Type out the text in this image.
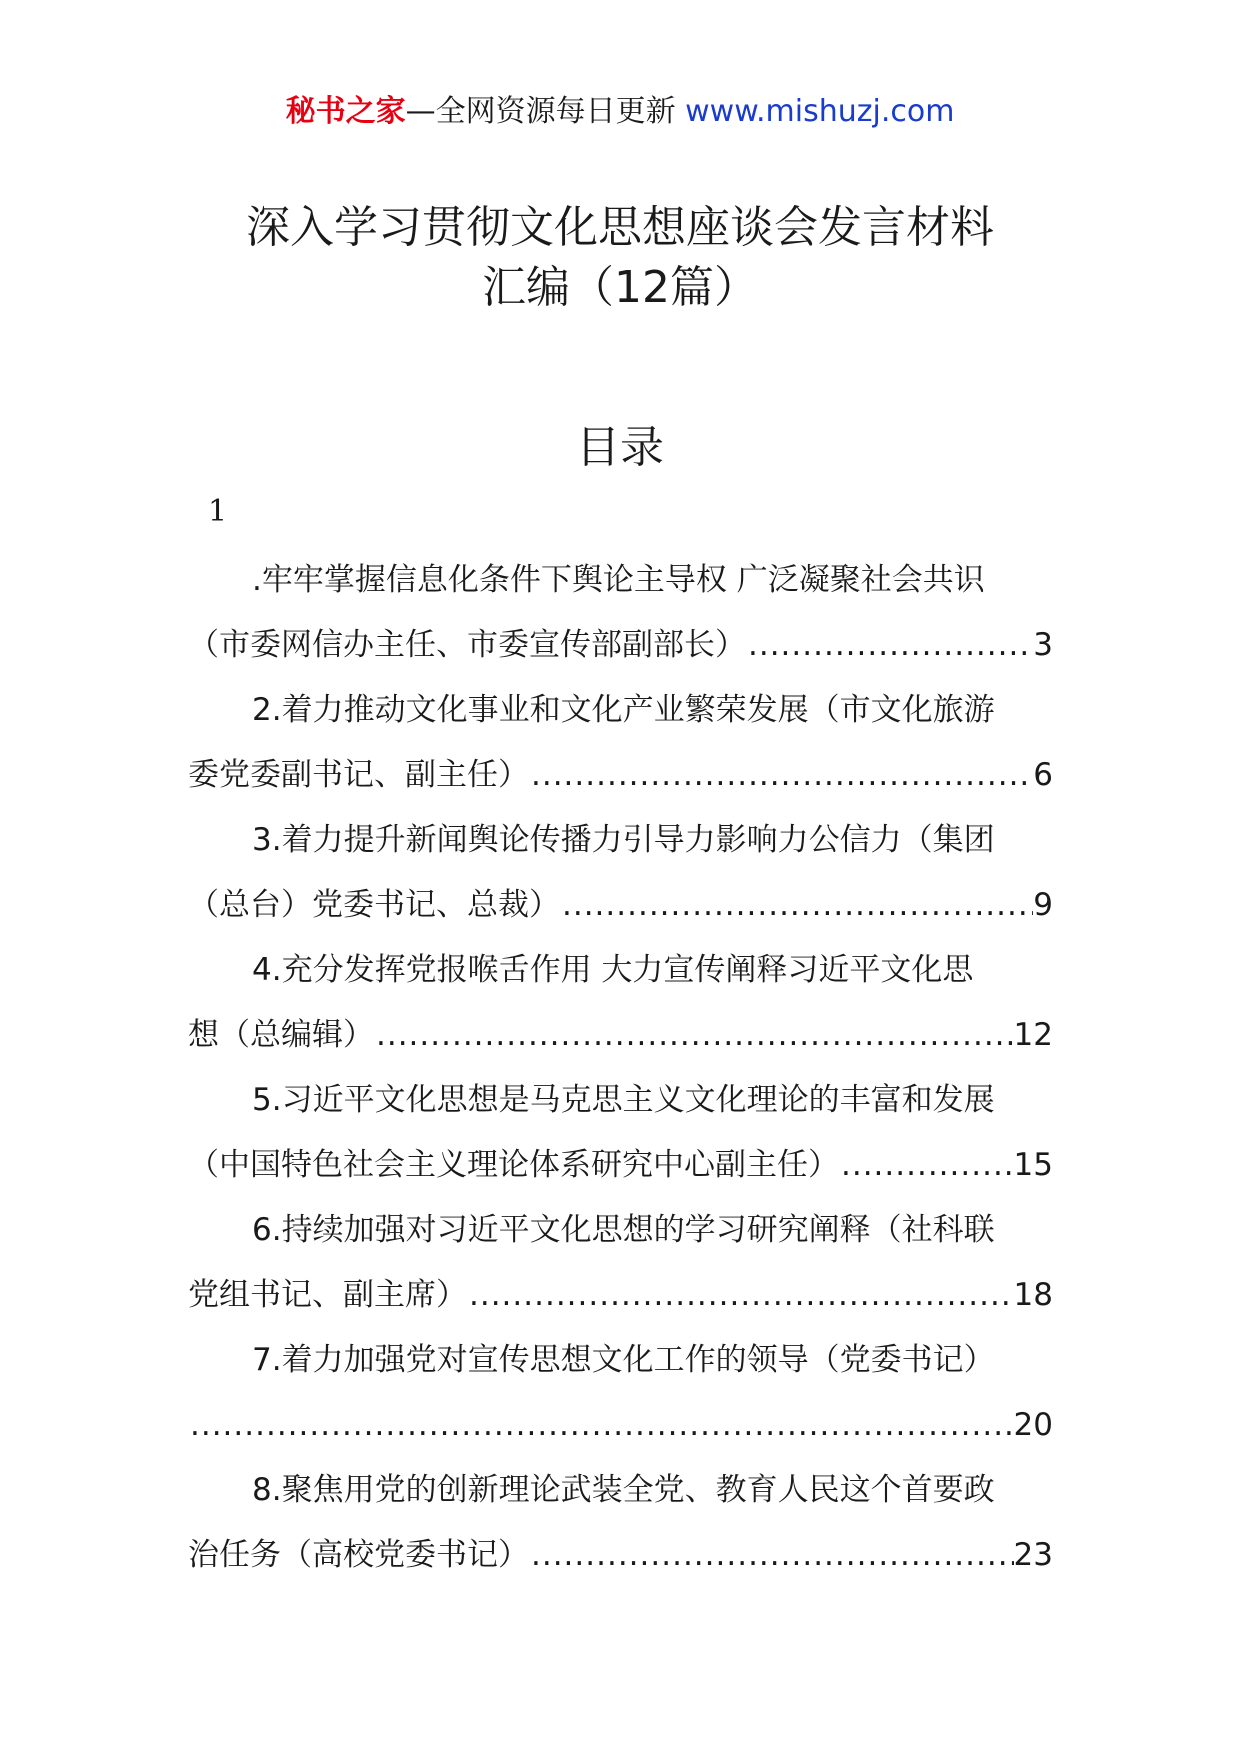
秘书之家—全网资源每日更新 www.mishuzj.com
深入学习贯彻文化思想座谈会发言材料
汇编（12篇）
目录
1
.牢牢掌握信息化条件下舆论主导权 广泛凝聚社会共识
（市委网信办主任、市委宣传部副部长） .....	3
2.着力推动文化事业和文化产业繁荣发展（市文化旅游
委党委副书记、副主任） .....	6
3.着力提升新闻舆论传播力引导力影响力公信力（集团
（总台）党委书记、总裁） .....	9
4.充分发挥党报喉舌作用 大力宣传阐释习近平文化思
想（总编辑） .....	12
5.习近平文化思想是马克思主义文化理论的丰富和发展
（中国特色社会主义理论体系研究中心副主任） .....	15
6.持续加强对习近平文化思想的学习研究阐释（社科联
党组书记、副主席） .....	18
7.着力加强党对宣传思想文化工作的领导（党委书记）
.....
20
8.聚焦用党的创新理论武装全党、教育人民这个首要政
治任务（高校党委书记） .....	23
